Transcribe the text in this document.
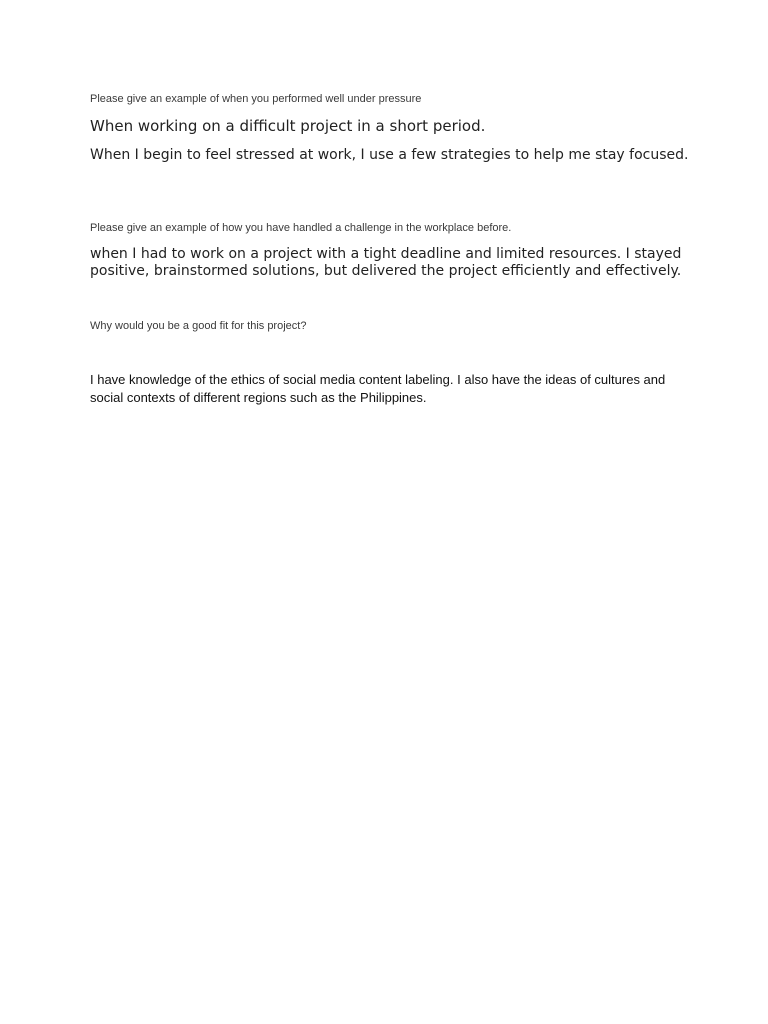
Please give an example of when you performed well under pressure

When working on a difficult project in a short period.

When I begin to feel stressed at work, I use a few strategies to help me stay focused.

Please give an example of how you have handled a challenge in the workplace before.

when I had to work on a project with a tight deadline and limited resources. I stayed positive, brainstormed solutions, but delivered the project efficiently and effectively.

Why would you be a good fit for this project?

I have knowledge of the ethics of social media content labeling. I also have the ideas of cultures and social contexts of different regions such as the Philippines.
